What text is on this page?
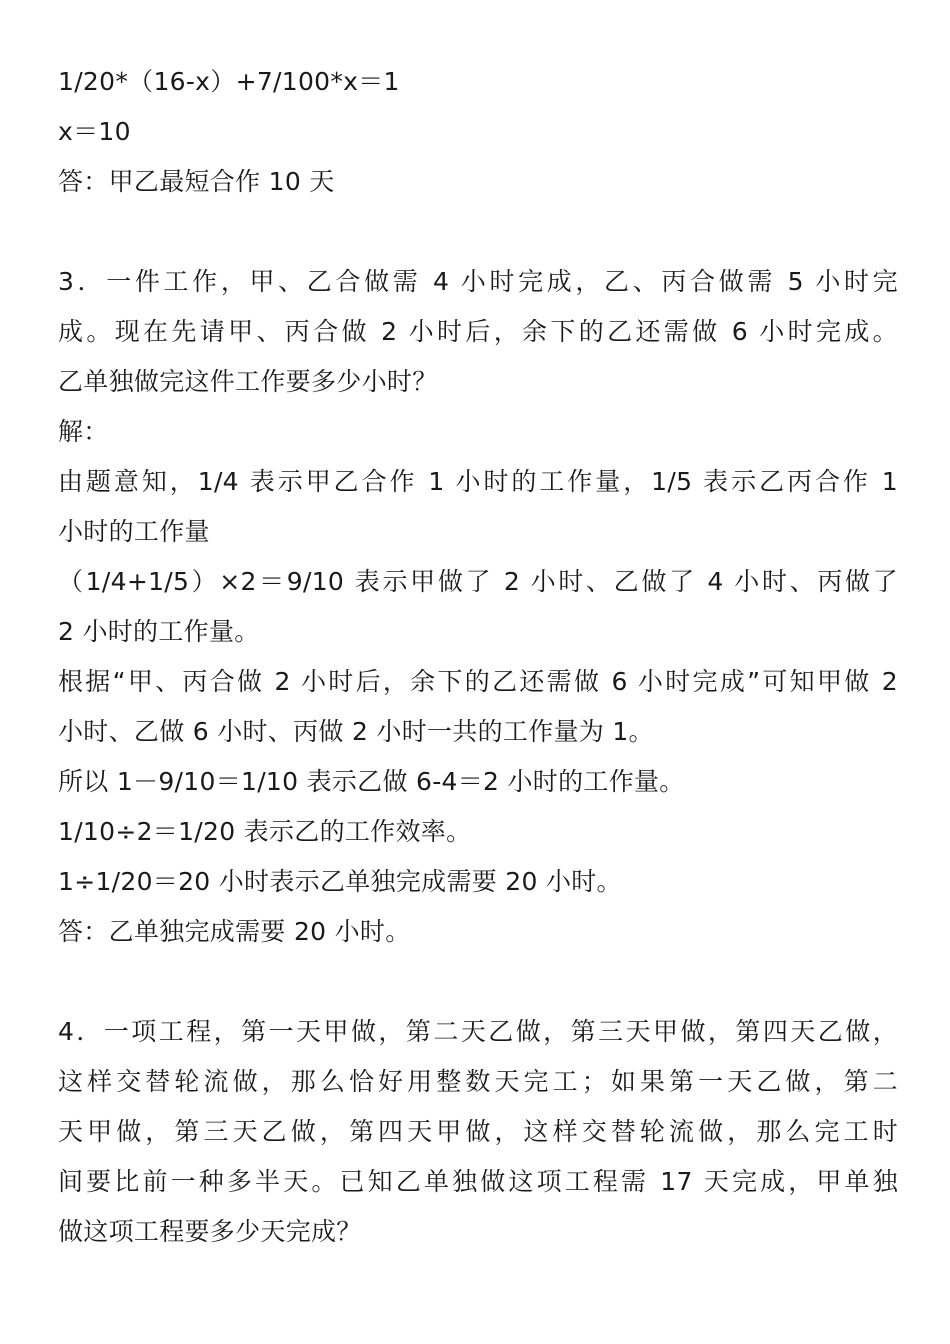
1/20*（16-x）+7/100*x＝1
x＝10
答：甲乙最短合作 10 天
3．一件工作，甲、乙合做需 4 小时完成，乙、丙合做需 5 小时完
成。现在先请甲、丙合做 2 小时后，余下的乙还需做 6 小时完成。
乙单独做完这件工作要多少小时？
解：
由题意知，1/4 表示甲乙合作 1 小时的工作量，1/5 表示乙丙合作 1
小时的工作量
（1/4+1/5）×2＝9/10 表示甲做了 2 小时、乙做了 4 小时、丙做了
2 小时的工作量。
根据“甲、丙合做 2 小时后，余下的乙还需做 6 小时完成”可知甲做 2
小时、乙做 6 小时、丙做 2 小时一共的工作量为 1。
所以 1－9/10＝1/10 表示乙做 6-4＝2 小时的工作量。
1/10÷2＝1/20 表示乙的工作效率。
1÷1/20＝20 小时表示乙单独完成需要 20 小时。
答：乙单独完成需要 20 小时。
4．一项工程，第一天甲做，第二天乙做，第三天甲做，第四天乙做，
这样交替轮流做，那么恰好用整数天完工；如果第一天乙做，第二
天甲做，第三天乙做，第四天甲做，这样交替轮流做，那么完工时
间要比前一种多半天。已知乙单独做这项工程需 17 天完成，甲单独
做这项工程要多少天完成？
